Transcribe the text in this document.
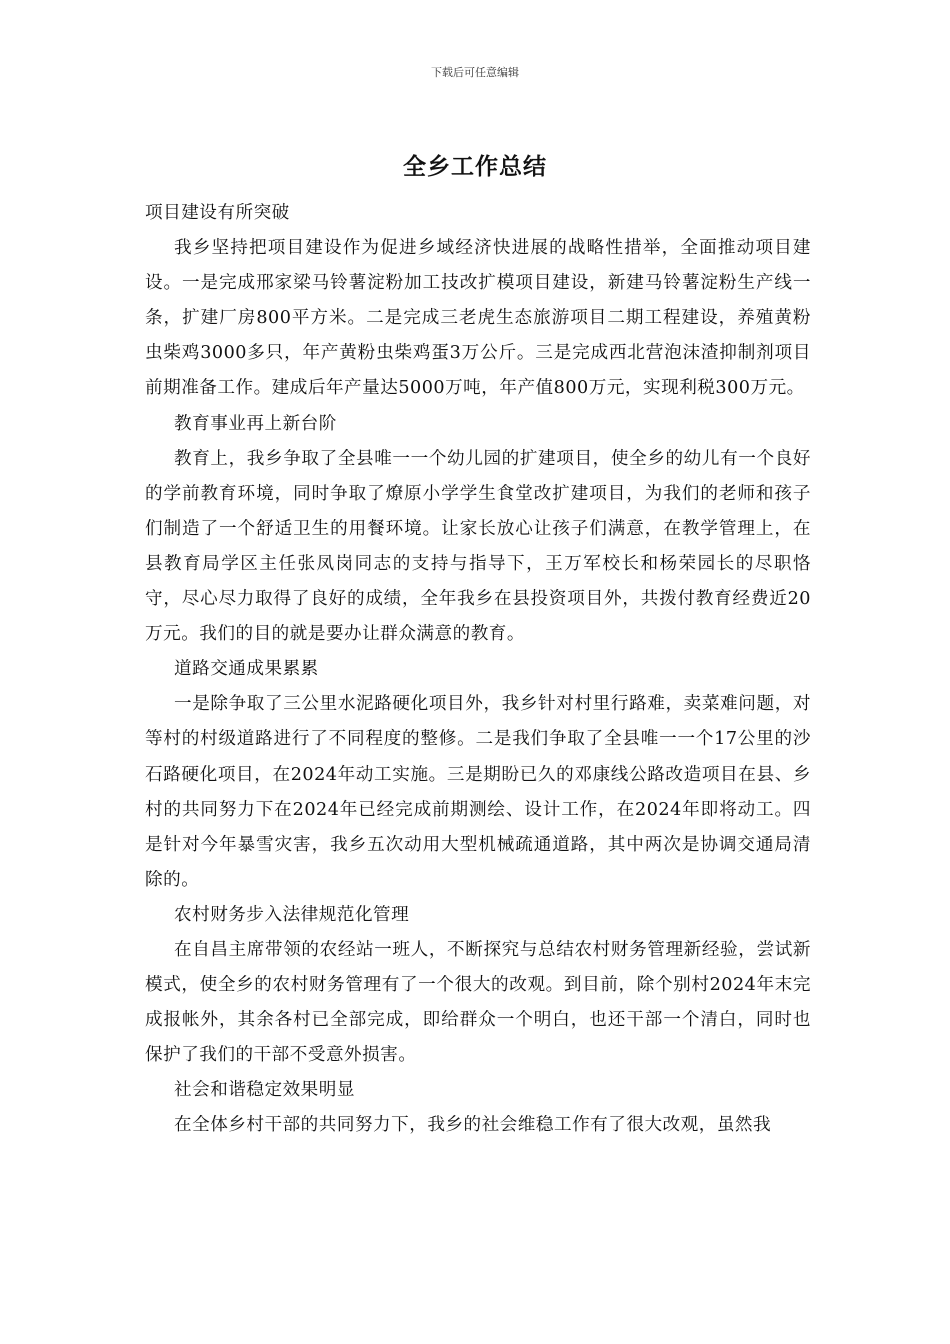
下载后可任意编辑
全乡工作总结

项目建设有所突破

我乡坚持把项目建设作为促进乡域经济快进展的战略性措举，全面推动项目建设。一是完成邢家梁马铃薯淀粉加工技改扩模项目建设，新建马铃薯淀粉生产线一条，扩建厂房800平方米。二是完成三老虎生态旅游项目二期工程建设，养殖黄粉虫柴鸡3000多只，年产黄粉虫柴鸡蛋3万公斤。三是完成西北营泡沫渣抑制剂项目前期准备工作。建成后年产量达5000万吨，年产值800万元，实现利税300万元。

教育事业再上新台阶

教育上，我乡争取了全县唯一一个幼儿园的扩建项目，使全乡的幼儿有一个良好的学前教育环境，同时争取了燎原小学学生食堂改扩建项目，为我们的老师和孩子们制造了一个舒适卫生的用餐环境。让家长放心让孩子们满意，在教学管理上，在县教育局学区主任张凤岗同志的支持与指导下，王万军校长和杨荣园长的尽职恪守，尽心尽力取得了良好的成绩，全年我乡在县投资项目外，共拨付教育经费近20万元。我们的目的就是要办让群众满意的教育。

道路交通成果累累

一是除争取了三公里水泥路硬化项目外，我乡针对村里行路难，卖菜难问题，对等村的村级道路进行了不同程度的整修。二是我们争取了全县唯一一个17公里的沙石路硬化项目，在2024年动工实施。三是期盼已久的邓康线公路改造项目在县、乡村的共同努力下在2024年已经完成前期测绘、设计工作，在2024年即将动工。四是针对今年暴雪灾害，我乡五次动用大型机械疏通道路，其中两次是协调交通局清除的。

农村财务步入法律规范化管理

在自昌主席带领的农经站一班人，不断探究与总结农村财务管理新经验，尝试新模式，使全乡的农村财务管理有了一个很大的改观。到目前，除个别村2024年末完成报帐外，其余各村已全部完成，即给群众一个明白，也还干部一个清白，同时也保护了我们的干部不受意外损害。

社会和谐稳定效果明显

在全体乡村干部的共同努力下，我乡的社会维稳工作有了很大改观，虽然我
